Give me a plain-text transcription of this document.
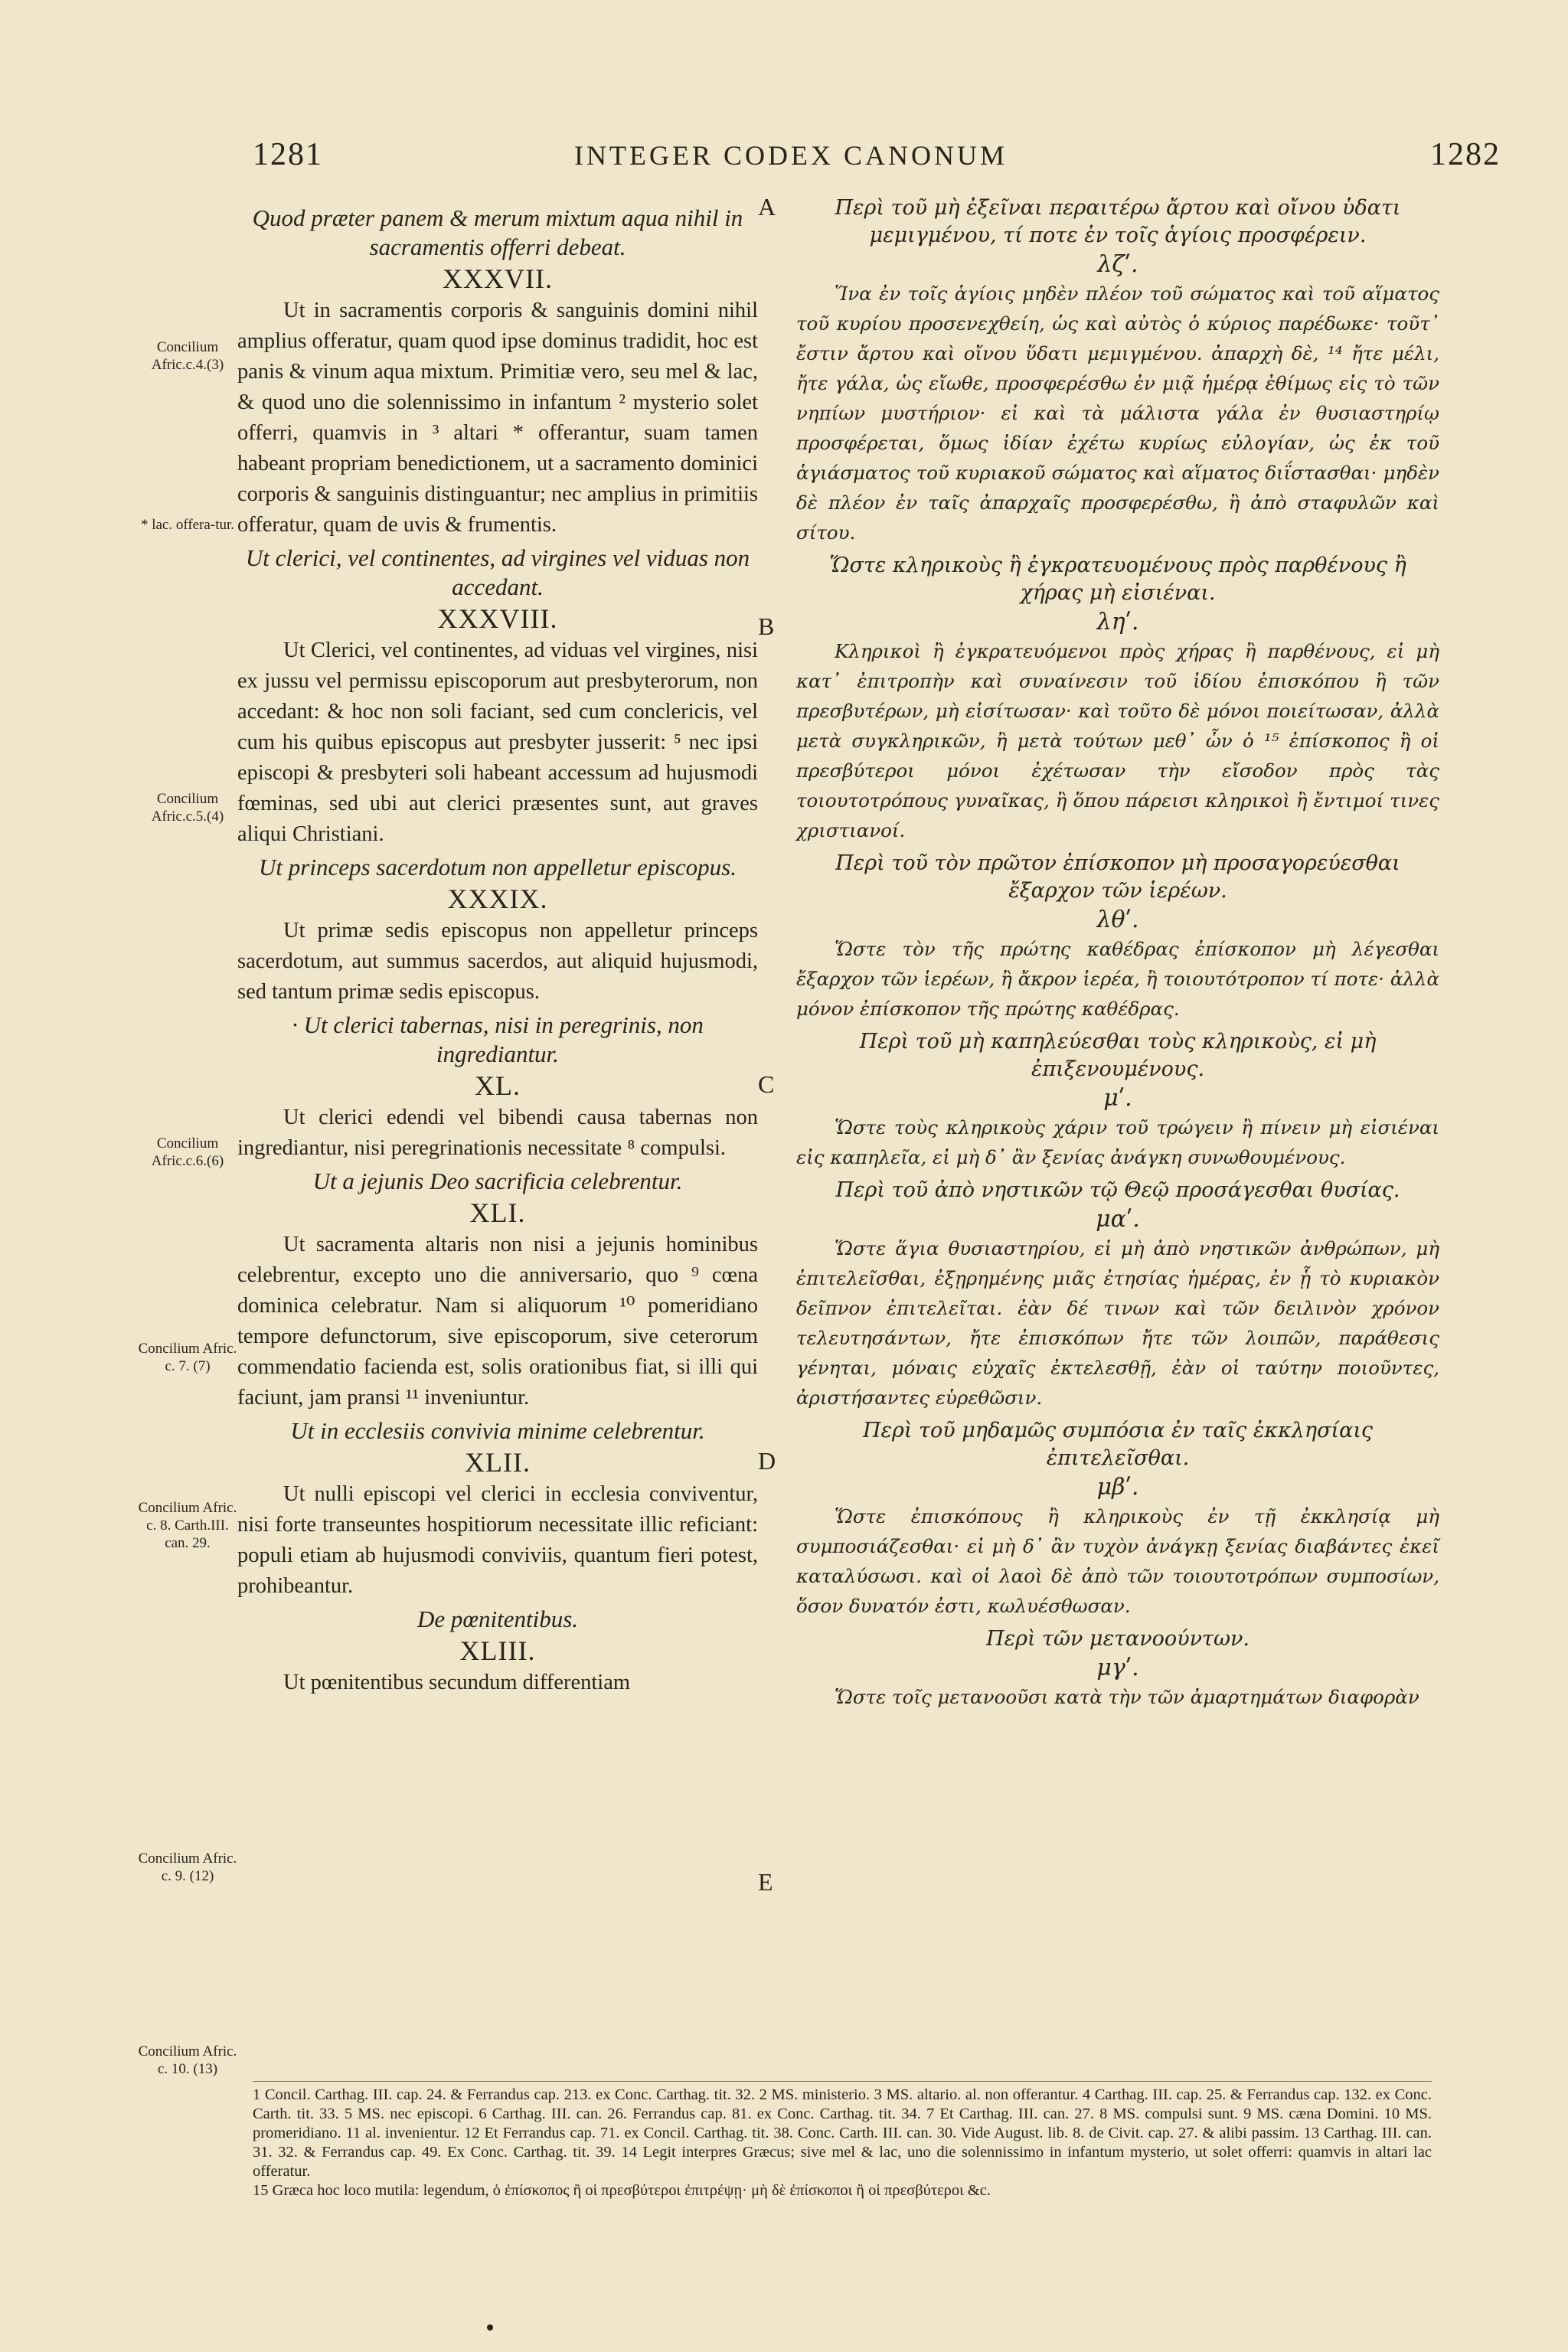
1281	INTEGER CODEX CANONUM	1282
Concilium Afric.c.4.(3)
* lac. offera-tur.
Concilium Afric.c.5.(4)
Concilium Afric.c.6.(6)
Concilium Afric. c. 7. (7)
Concilium Afric. c. 8. Carth.III. can. 29.
Concilium Afric. c. 9. (12)
Concilium Afric. c. 10. (13)
Quod præter panem & merum mixtum aqua nihil in sacramentis offerri debeat.
XXXVII.
Ut in sacramentis corporis & sanguinis domini nihil amplius offeratur, quam quod ipse dominus tradidit, hoc est panis & vinum aqua mixtum. Primitiæ vero, seu mel & lac, & quod uno die solennissimo in infantum ² mysterio solet offerri, quamvis in ³ altari * offerantur, suam tamen habeant propriam benedictionem, ut a sacramento dominici corporis & sanguinis distinguantur; nec amplius in primitiis offeratur, quam de uvis & frumentis.
Ut clerici, vel continentes, ad virgines vel viduas non accedant.
XXXVIII.
Ut Clerici, vel continentes, ad viduas vel virgines, nisi ex jussu vel permissu episcoporum aut presbyterorum, non accedant: & hoc non soli faciant, sed cum conclericis, vel cum his quibus episcopus aut presbyter jusserit: ⁵ nec ipsi episcopi & presbyteri soli habeant accessum ad hujusmodi fœminas, sed ubi aut clerici præsentes sunt, aut graves aliqui Christiani.
Ut princeps sacerdotum non appelletur episcopus.
XXXIX.
Ut primæ sedis episcopus non appelletur princeps sacerdotum, aut summus sacerdos, aut aliquid hujusmodi, sed tantum primæ sedis episcopus.
· Ut clerici tabernas, nisi in peregrinis, non ingrediantur.
XL.
Ut clerici edendi vel bibendi causa tabernas non ingrediantur, nisi peregrinationis necessitate ⁸ compulsi.
Ut a jejunis Deo sacrificia celebrentur.
XLI.
Ut sacramenta altaris non nisi a jejunis hominibus celebrentur, excepto uno die anniversario, quo ⁹ cœna dominica celebratur. Nam si aliquorum ¹⁰ pomeridiano tempore defunctorum, sive episcoporum, sive ceterorum commendatio facienda est, solis orationibus fiat, si illi qui faciunt, jam pransi ¹¹ inveniuntur.
Ut in ecclesiis convivia minime celebrentur.
XLII.
Ut nulli episcopi vel clerici in ecclesia conviventur, nisi forte transeuntes hospitiorum necessitate illic reficiant: populi etiam ab hujusmodi conviviis, quantum fieri potest, prohibeantur.
De pœnitentibus.
XLIII.
Ut pœnitentibus secundum differentiam
A
B
C
D
E
Περὶ τοῦ μὴ ἐξεῖναι περαιτέρω ἄρτου καὶ οἴνου ὑδατι μεμιγμένου, τί ποτε ἐν τοῖς ἁγίοις προσφέρειν.
λζʹ.
Ἵνα ἐν τοῖς ἁγίοις μηδὲν πλέον τοῦ σώματος καὶ τοῦ αἵματος τοῦ κυρίου προσενεχθείη, ὡς καὶ αὐτὸς ὁ κύριος παρέδωκε· τοῦτ᾽ ἔστιν ἄρτου καὶ οἴνου ὕδατι μεμιγμένου. ἀπαρχὴ δὲ, ¹⁴ ἤτε μέλι, ἤτε γάλα, ὡς εἴωθε, προσφερέσθω ἐν μιᾷ ἡμέρᾳ ἐθίμως εἰς τὸ τῶν νηπίων μυστήριον· εἰ καὶ τὰ μάλιστα γάλα ἐν θυσιαστηρίῳ προσφέρεται, ὅμως ἰδίαν ἐχέτω κυρίως εὐλογίαν, ὡς ἐκ τοῦ ἁγιάσματος τοῦ κυριακοῦ σώματος καὶ αἵματος διΐστασθαι· μηδὲν δὲ πλέον ἐν ταῖς ἀπαρχαῖς προσφερέσθω, ἢ ἀπὸ σταφυλῶν καὶ σίτου.
Ὥστε κληρικοὺς ἢ ἐγκρατευομένους πρὸς παρθένους ἢ χήρας μὴ εἰσιέναι.
ληʹ.
Κληρικοὶ ἢ ἐγκρατευόμενοι πρὸς χήρας ἢ παρθένους, εἰ μὴ κατ᾽ ἐπιτροπὴν καὶ συναίνεσιν τοῦ ἰδίου ἐπισκόπου ἢ τῶν πρεσβυτέρων, μὴ εἰσίτωσαν· καὶ τοῦτο δὲ μόνοι ποιείτωσαν, ἀλλὰ μετὰ συγκληρικῶν, ἢ μετὰ τούτων μεθ᾽ ὧν ὁ ¹⁵ ἐπίσκοπος ἢ οἱ πρεσβύτεροι μόνοι ἐχέτωσαν τὴν εἴσοδον πρὸς τὰς τοιουτοτρόπους γυναῖκας, ἢ ὅπου πάρεισι κληρικοὶ ἢ ἔντιμοί τινες χριστιανοί.
Περὶ τοῦ τὸν πρῶτον ἐπίσκοπον μὴ προσαγορεύεσθαι ἔξαρχον τῶν ἱερέων.
λθʹ.
Ὥστε τὸν τῆς πρώτης καθέδρας ἐπίσκοπον μὴ λέγεσθαι ἔξαρχον τῶν ἱερέων, ἢ ἄκρον ἱερέα, ἢ τοιουτότροπον τί ποτε· ἀλλὰ μόνον ἐπίσκοπον τῆς πρώτης καθέδρας.
Περὶ τοῦ μὴ καπηλεύεσθαι τοὺς κληρικοὺς, εἰ μὴ ἐπιξενουμένους.
μʹ.
Ὥστε τοὺς κληρικοὺς χάριν τοῦ τρώγειν ἢ πίνειν μὴ εἰσιέναι εἰς καπηλεῖα, εἰ μὴ δ᾽ ἂν ξενίας ἀνάγκη συνωθουμένους.
Περὶ τοῦ ἀπὸ νηστικῶν τῷ Θεῷ προσάγεσθαι θυσίας.
μαʹ.
Ὥστε ἅγια θυσιαστηρίου, εἰ μὴ ἀπὸ νηστικῶν ἀνθρώπων, μὴ ἐπιτελεῖσθαι, ἐξῃρημένης μιᾶς ἐτησίας ἡμέρας, ἐν ᾗ τὸ κυριακὸν δεῖπνον ἐπιτελεῖται. ἐὰν δέ τινων καὶ τῶν δειλινὸν χρόνον τελευτησάντων, ἤτε ἐπισκόπων ἤτε τῶν λοιπῶν, παράθεσις γένηται, μόναις εὐχαῖς ἐκτελεσθῇ, ἐὰν οἱ ταύτην ποιοῦντες, ἀριστήσαντες εὑρεθῶσιν.
Περὶ τοῦ μηδαμῶς συμπόσια ἐν ταῖς ἐκκλησίαις ἐπιτελεῖσθαι.
μβʹ.
Ὥστε ἐπισκόπους ἢ κληρικοὺς ἐν τῇ ἐκκλησίᾳ μὴ συμποσιάζεσθαι· εἰ μὴ δ᾽ ἂν τυχὸν ἀνάγκῃ ξενίας διαβάντες ἐκεῖ καταλύσωσι. καὶ οἱ λαοὶ δὲ ἀπὸ τῶν τοιουτοτρόπων συμποσίων, ὅσον δυνατόν ἐστι, κωλυέσθωσαν.
Περὶ τῶν μετανοούντων.
μγʹ.
Ὥστε τοῖς μετανοοῦσι κατὰ τὴν τῶν ἁμαρτημάτων διαφορὰν

1 Concil. Carthag. III. cap. 24. & Ferrandus cap. 213. ex Conc. Carthag. tit. 32. 2 MS. ministerio. 3 MS. altario. al. non offerantur. 4 Carthag. III. cap. 25. & Ferrandus cap. 132. ex Conc. Carth. tit. 33. 5 MS. nec episcopi. 6 Carthag. III. can. 26. Ferrandus cap. 81. ex Conc. Carthag. tit. 34. 7 Et Carthag. III. can. 27. 8 MS. compulsi sunt. 9 MS. cæna Domini. 10 MS. promeridiano. 11 al. invenientur. 12 Et Ferrandus cap. 71. ex Concil. Carthag. tit. 38. Conc. Carth. III. can. 30. Vide August. lib. 8. de Civit. cap. 27. & alibi passim. 13 Carthag. III. can. 31. 32. & Ferrandus cap. 49. Ex Conc. Carthag. tit. 39. 14 Legit interpres Græcus; sive mel & lac, uno die solennissimo in infantum mysterio, ut solet offerri: quamvis in altari lac offeratur.

15 Græca hoc loco mutila: legendum, ὁ ἐπίσκοπος ἢ οἱ πρεσβύτεροι ἐπιτρέψῃ· μὴ δὲ ἐπίσκοποι ἢ οἱ πρεσβύτεροι &c.
